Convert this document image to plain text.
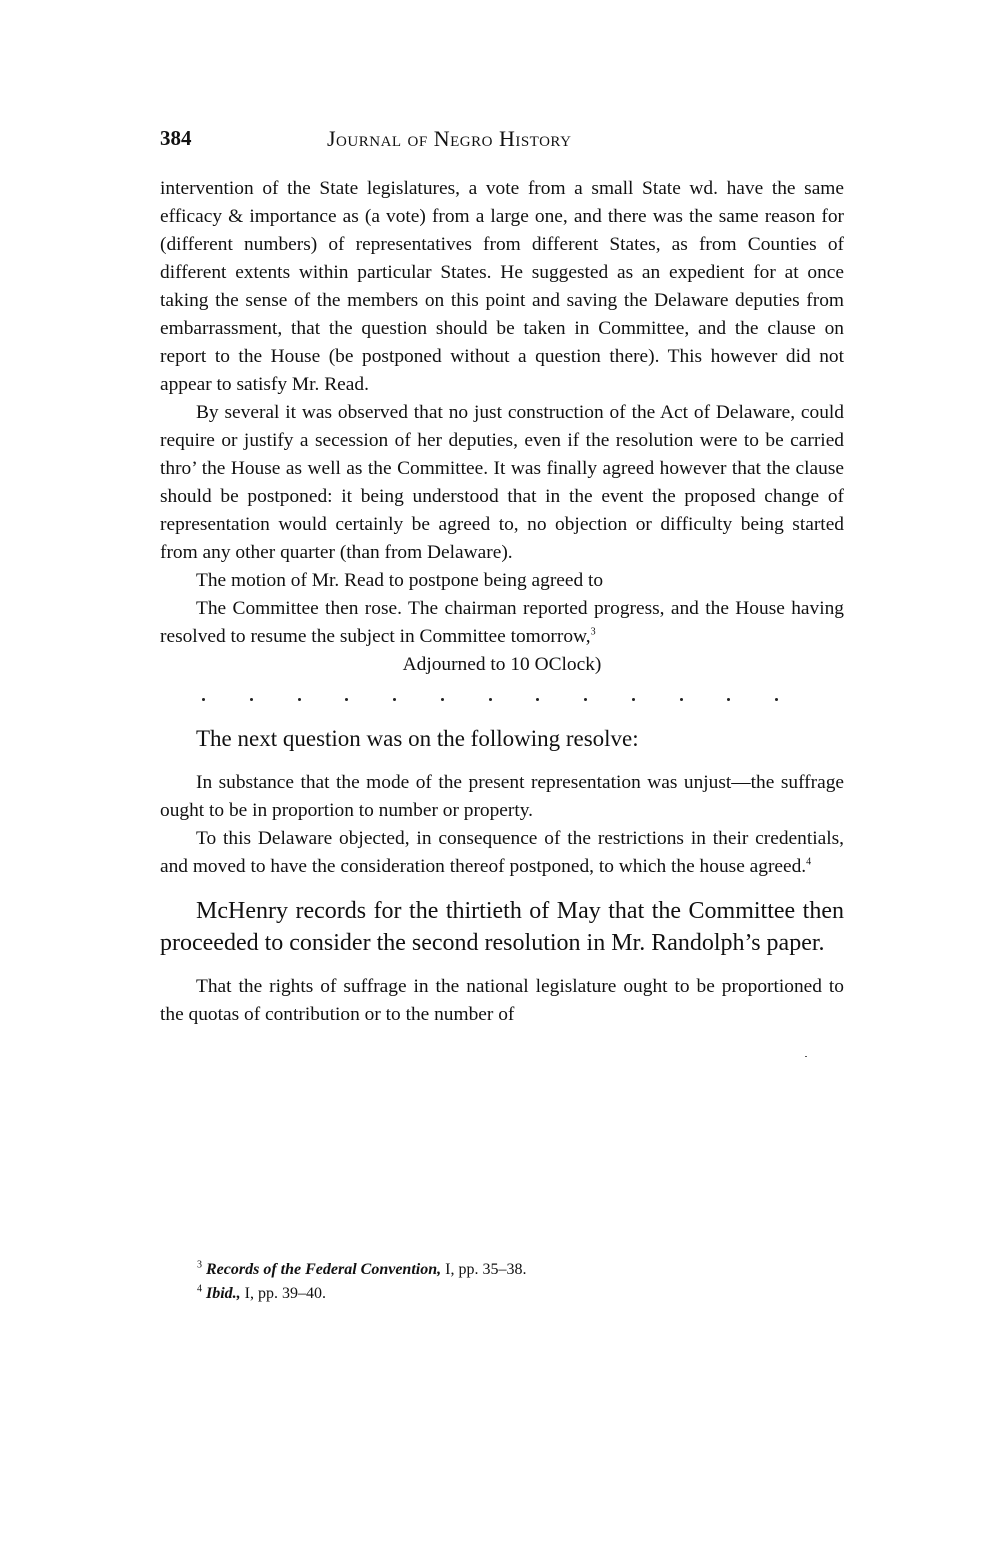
384	Journal of Negro History

intervention of the State legislatures, a vote from a small State wd. have the same efficacy & importance as (a vote) from a large one, and there was the same reason for (different numbers) of representatives from different States, as from Counties of different extents within particular States. He suggested as an expedient for at once taking the sense of the members on this point and saving the Delaware deputies from embarrassment, that the question should be taken in Committee, and the clause on report to the House (be postponed without a question there). This however did not appear to satisfy Mr. Read.

By several it was observed that no just construction of the Act of Delaware, could require or justify a secession of her deputies, even if the resolution were to be carried thro’ the House as well as the Committee. It was finally agreed however that the clause should be postponed: it being understood that in the event the proposed change of representation would certainly be agreed to, no objection or difficulty being started from any other quarter (than from Delaware).

The motion of Mr. Read to postpone being agreed to

The Committee then rose. The chairman reported progress, and the House having resolved to resume the subject in Committee tomorrow,$^3$

Adjourned to 10 OClock)

The next question was on the following resolve:

In substance that the mode of the present representation was unjust—the suffrage ought to be in proportion to number or property.

To this Delaware objected, in consequence of the restrictions in their credentials, and moved to have the consideration thereof postponed, to which the house agreed.$^4$

McHenry records for the thirtieth of May that the Committee then proceeded to consider the second resolution in Mr. Randolph’s paper.

That the rights of suffrage in the national legislature ought to be proportioned to the quotas of contribution or to the number of

$^3$ Records of the Federal Convention, I, pp. 35–38.

$^4$ Ibid., I, pp. 39–40.
